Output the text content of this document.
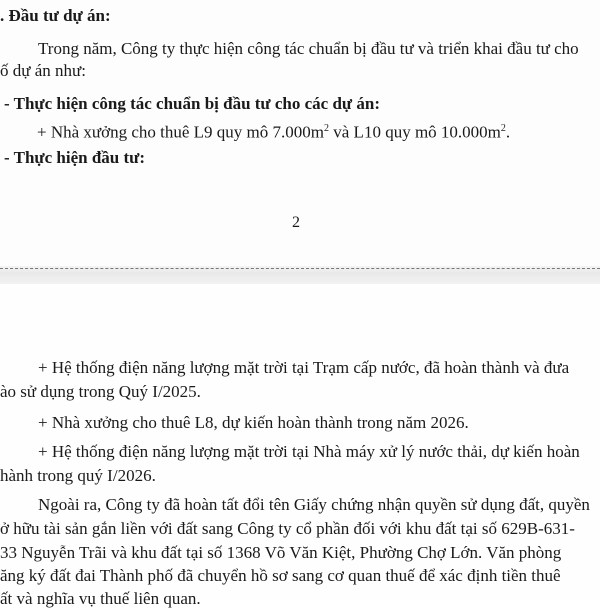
. Đầu tư dự án:
Trong năm, Công ty thực hiện công tác chuẩn bị đầu tư và triển khai đầu tư cho
ố dự án như:
- Thực hiện công tác chuẩn bị đầu tư cho các dự án:
+ Nhà xưởng cho thuê L9 quy mô $7.000m^2$ và L10 quy mô $10.000m^2$.
- Thực hiện đầu tư:
2
+ Hệ thống điện năng lượng mặt trời tại Trạm cấp nước, đã hoàn thành và đưa
ào sử dụng trong Quý I/2025.
+ Nhà xưởng cho thuê L8, dự kiến hoàn thành trong năm 2026.
+ Hệ thống điện năng lượng mặt trời tại Nhà máy xử lý nước thải, dự kiến hoàn
hành trong quý I/2026.
Ngoài ra, Công ty đã hoàn tất đổi tên Giấy chứng nhận quyền sử dụng đất, quyền
ở hữu tài sản gắn liền với đất sang Công ty cổ phần đối với khu đất tại số 629B-631-
33 Nguyễn Trãi và khu đất tại số 1368 Võ Văn Kiệt, Phường Chợ Lớn. Văn phòng
ăng ký đất đai Thành phố đã chuyển hồ sơ sang cơ quan thuế để xác định tiền thuê
ất và nghĩa vụ thuế liên quan.
